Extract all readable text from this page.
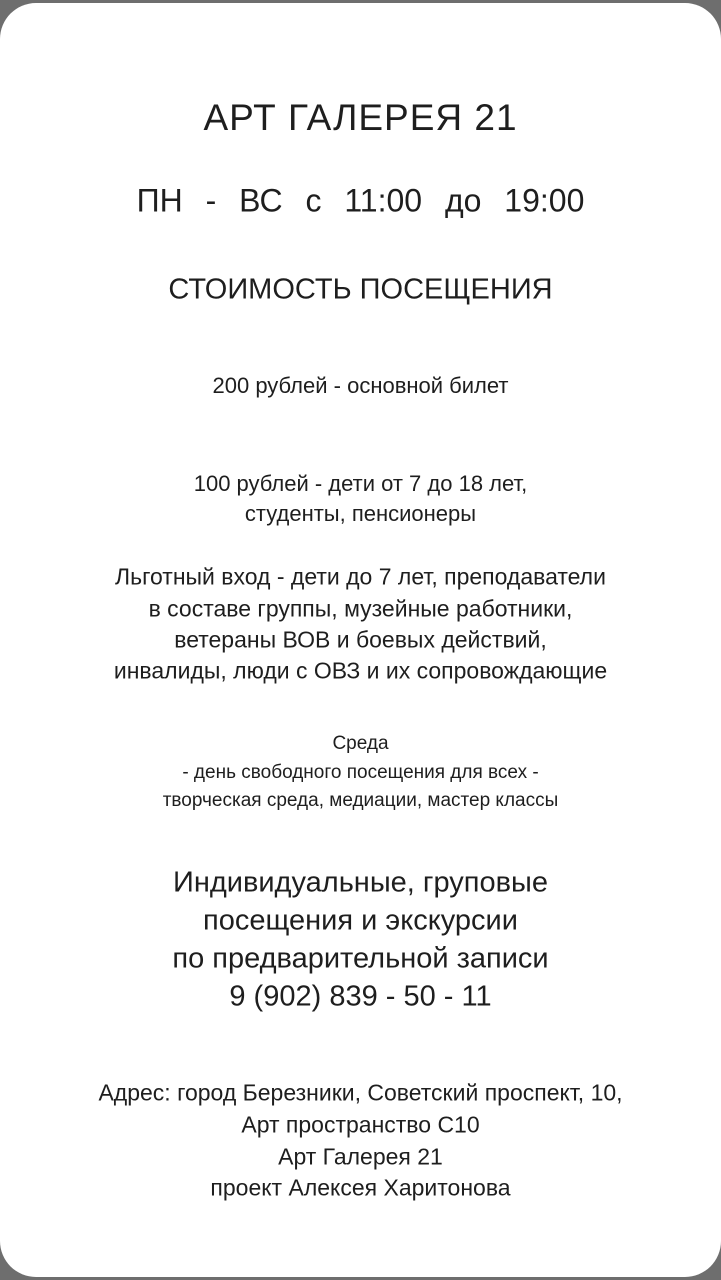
АРТ ГАЛЕРЕЯ 21
ПН - ВС с 11:00 до 19:00
СТОИМОСТЬ ПОСЕЩЕНИЯ
200 рублей - основной билет
100 рублей - дети от 7 до 18 лет,
студенты, пенсионеры
Льготный вход - дети до 7 лет, преподаватели
в составе группы, музейные работники,
ветераны ВОВ и боевых действий,
инвалиды, люди с ОВЗ и их сопровождающие
Среда
- день свободного посещения для всех -
творческая среда, медиации, мастер классы
Индивидуальные, груповые
посещения и экскурсии
по предварительной записи
9 (902) 839 - 50 - 11
Адрес: город Березники, Советский проспект, 10,
Арт пространство С10
Арт Галерея 21
проект Алексея Харитонова
